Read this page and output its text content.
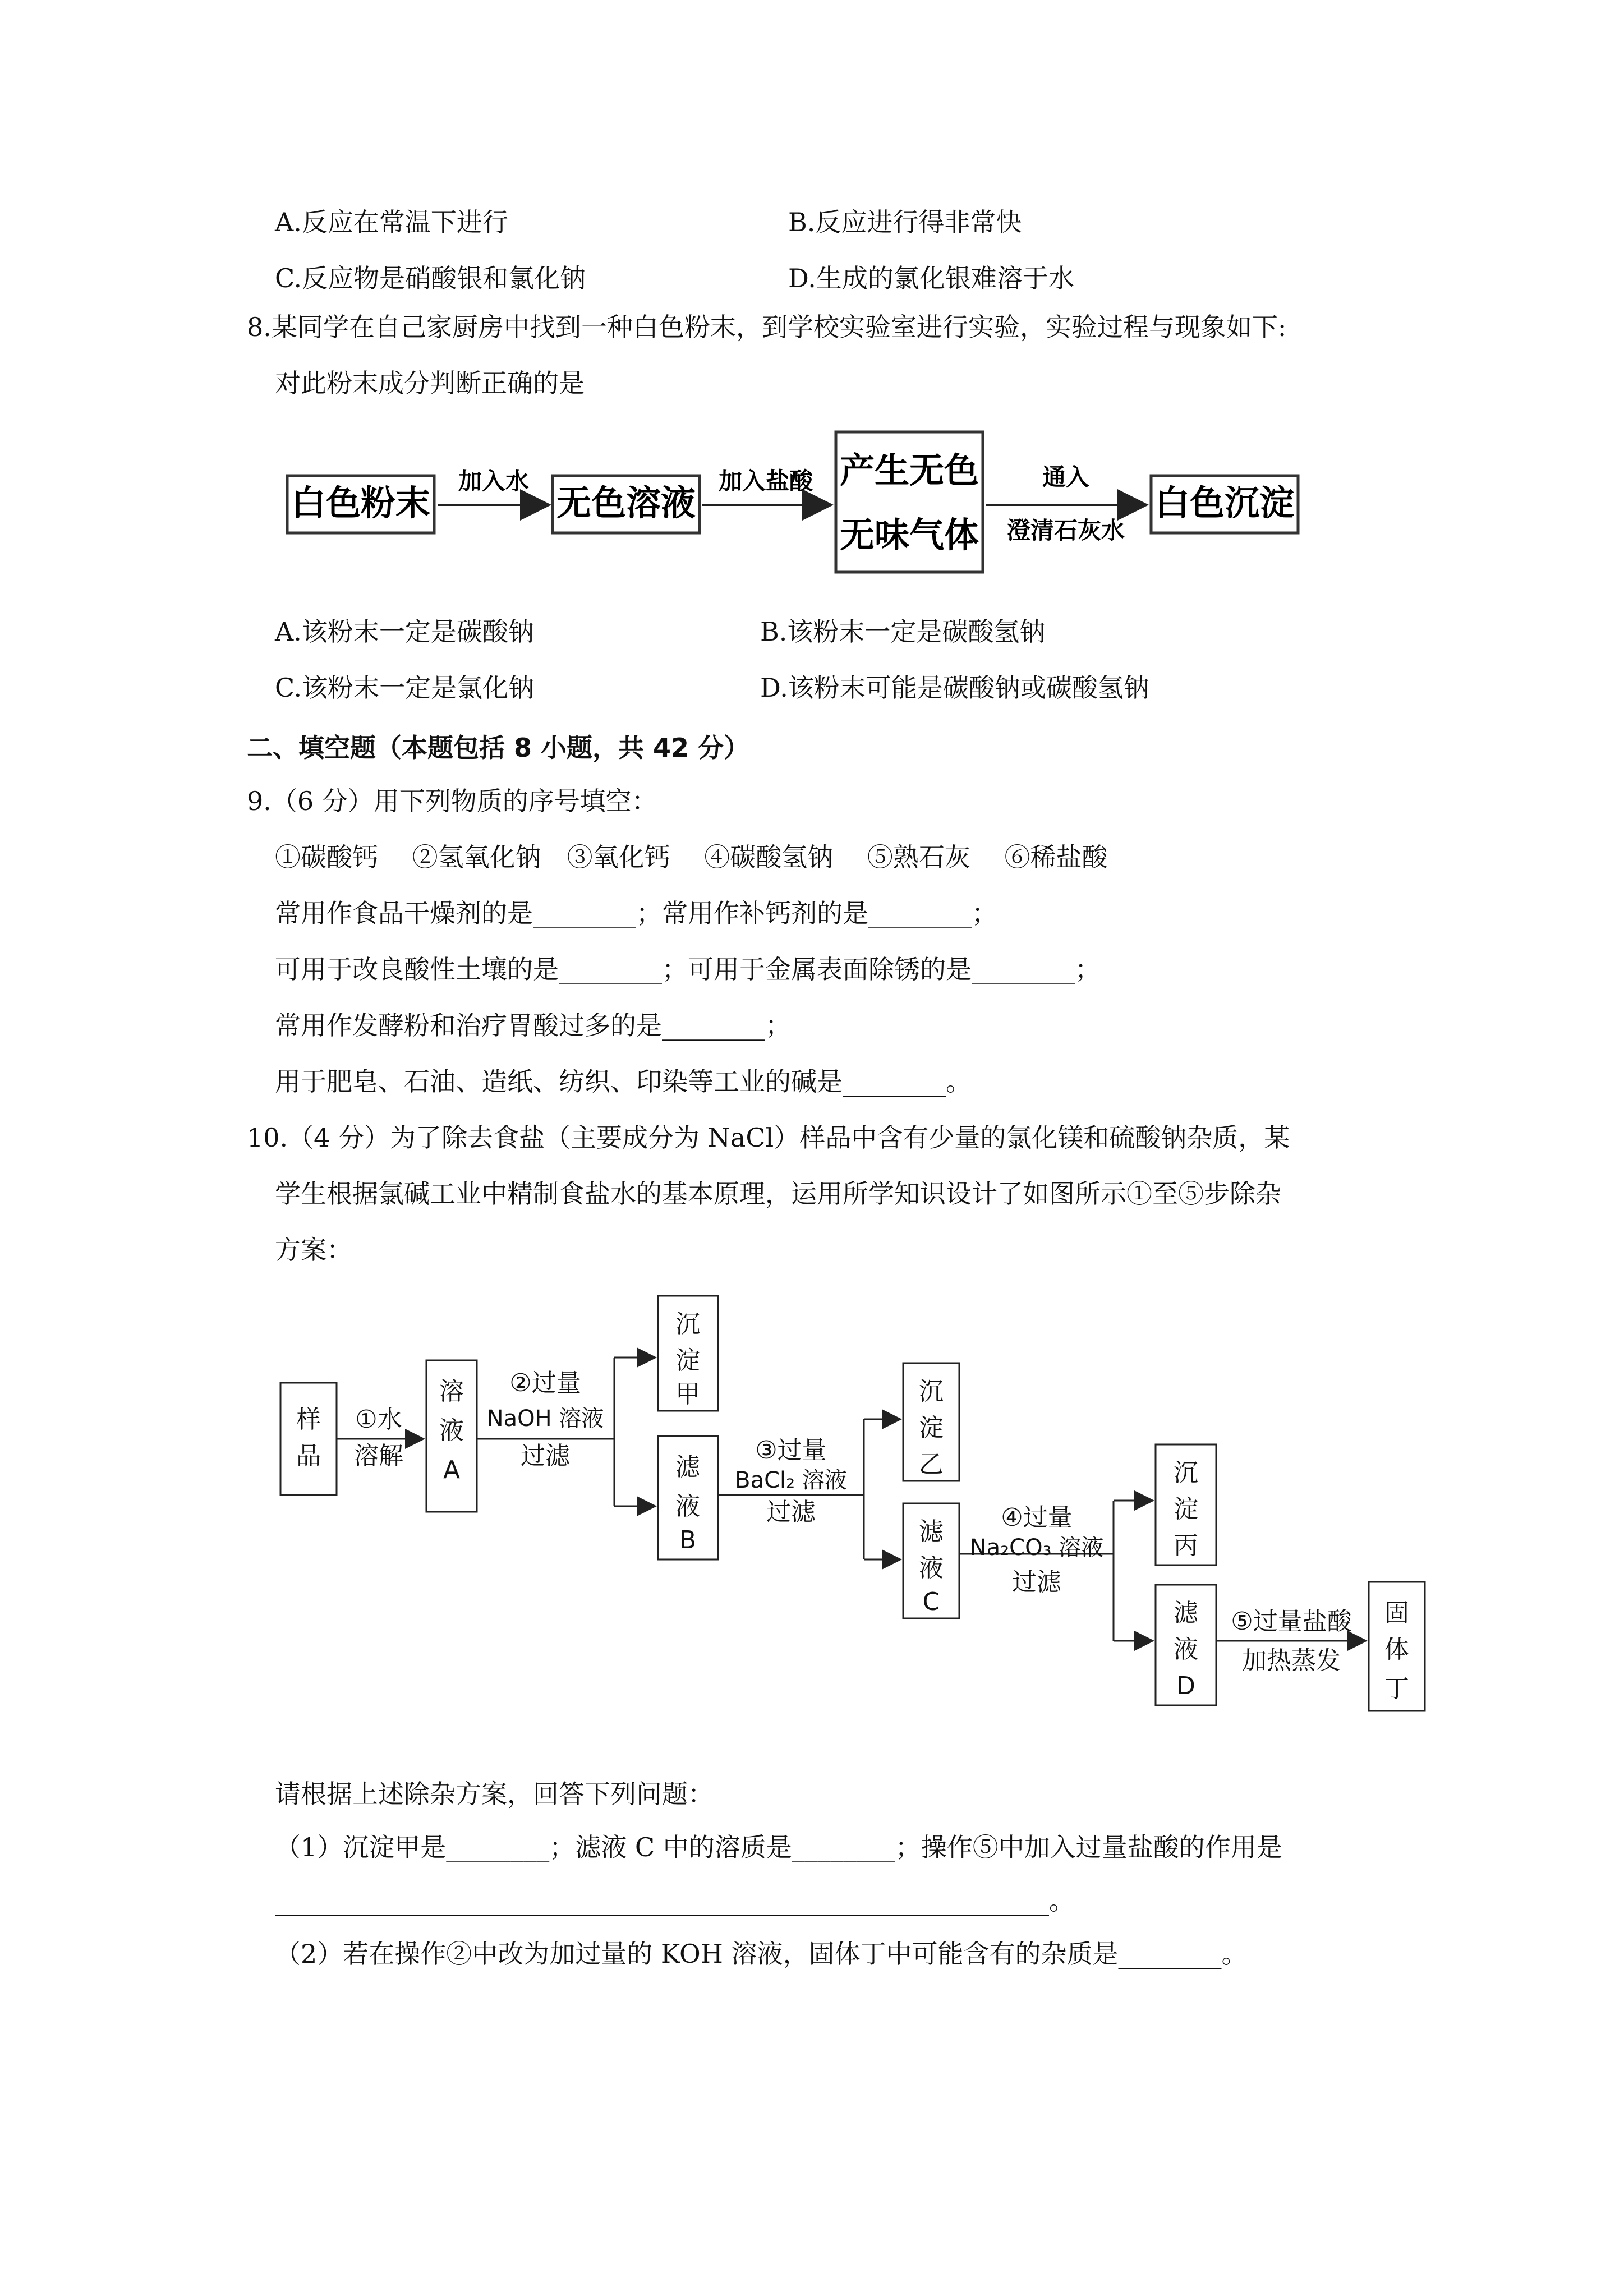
A.反应在常温下进行	B.反应进行得非常快
C.反应物是硝酸银和氯化钠	D.生成的氯化银难溶于水
8.某同学在自己家厨房中找到一种白色粉末，到学校实验室进行实验，实验过程与现象如下:
对此粉末成分判断正确的是
白色粉末
加入水
无色溶液
加入盐酸 产生无色
无味气体
通入
澄清石灰水
白色沉淀
A.该粉末一定是碳酸钠	B.该粉末一定是碳酸氢钠
C.该粉末一定是氯化钠	D.该粉末可能是碳酸钠或碳酸氢钠
二、填空题（本题包括 8 小题，共 42 分）
9.（6 分）用下列物质的序号填空：
①碳酸钙　 ②氢氧化钠　③氧化钙　 ④碳酸氢钠　 ⑤熟石灰　 ⑥稀盐酸
常用作食品干燥剂的是________；常用作补钙剂的是________；
可用于改良酸性土壤的是________；可用于金属表面除锈的是________；
常用作发酵粉和治疗胃酸过多的是________；
用于肥皂、石油、造纸、纺织、印染等工业的碱是________。
10.（4 分）为了除去食盐（主要成分为 NaCl）样品中含有少量的氯化镁和硫酸钠杂质，某
学生根据氯碱工业中精制食盐水的基本原理，运用所学知识设计了如图所示①至⑤步除杂
方案：
样
品
①水
溶解
溶
液
A
②过量
NaOH 溶液
过滤
沉
淀
甲
滤
液
B
③过量
BaCl₂ 溶液
过滤
沉
淀
乙
滤
液
C
④过量
Na₂CO₃ 溶液
过滤
沉
淀
丙
滤
液
D
⑤过量盐酸
加热蒸发
固
体
丁
请根据上述除杂方案，回答下列问题：
（1）沉淀甲是________；滤液 C 中的溶质是________；操作⑤中加入过量盐酸的作用是
____________________________________________________________。
（2）若在操作②中改为加过量的 KOH 溶液，固体丁中可能含有的杂质是________。
